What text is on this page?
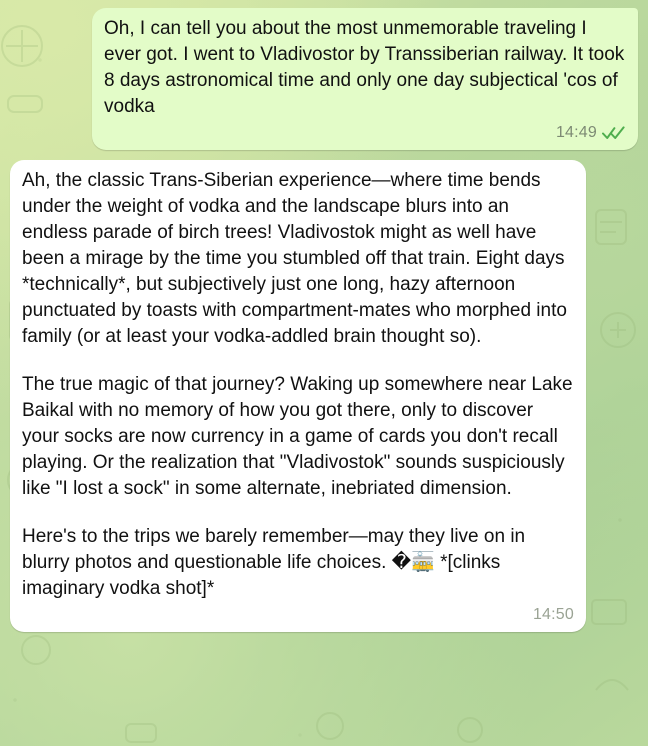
Oh, I can tell you about the most unmemorable traveling I ever got. I went to Vladivostor by Transsiberian railway. It took 8 days astronomical time and only one day subjectical 'cos of vodka
14:49

Ah, the classic Trans-Siberian experience—where time bends under the weight of vodka and the landscape blurs into an endless parade of birch trees! Vladivostok might as well have been a mirage by the time you stumbled off that train. Eight days *technically*, but subjectively just one long, hazy afternoon punctuated by toasts with compartment-mates who morphed into family (or at least your vodka-addled brain thought so).

The true magic of that journey? Waking up somewhere near Lake Baikal with no memory of how you got there, only to discover your socks are now currency in a game of cards you don't recall playing. Or the realization that "Vladivostok" sounds suspiciously like "I lost a sock" in some alternate, inebriated dimension.

Here's to the trips we barely remember—may they live on in blurry photos and questionable life choices. �🚋 *[clinks imaginary vodka shot]*

14:50
